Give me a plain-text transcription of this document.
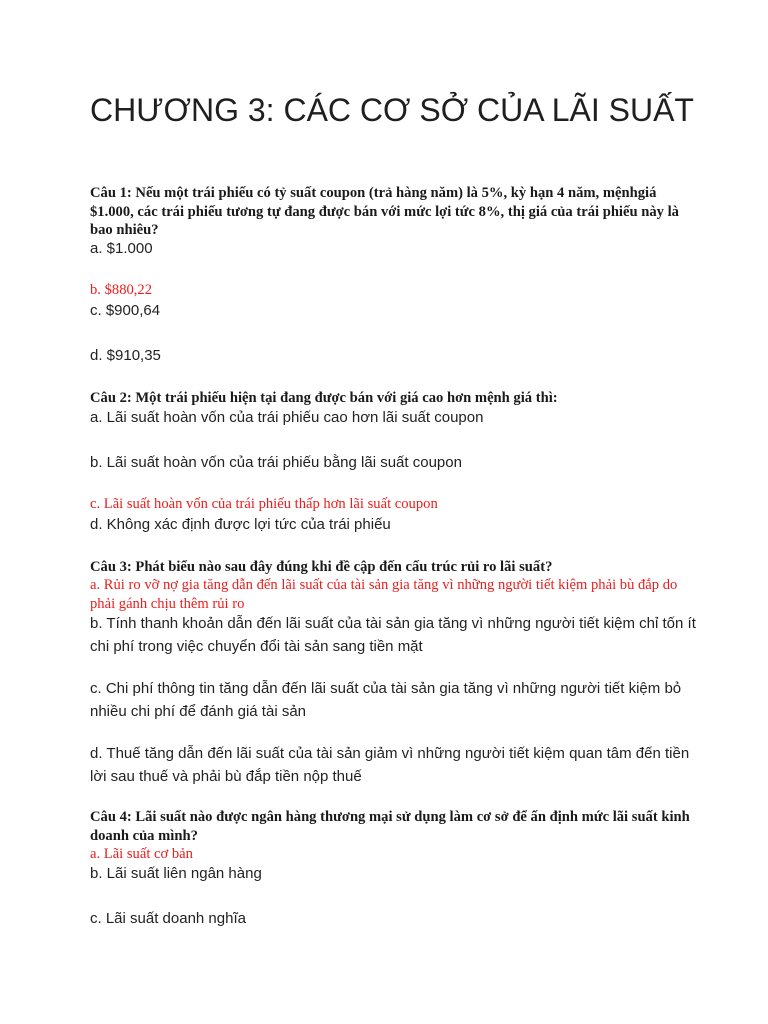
CHƯƠNG 3: CÁC CƠ SỞ CỦA LÃI SUẤT

Câu 1: Nếu một trái phiếu có tỷ suất coupon (trả hàng năm) là 5%, kỳ hạn 4 năm, mệnhgiá $1.000, các trái phiếu tương tự đang được bán với mức lợi tức 8%, thị giá của trái phiếu này là bao nhiêu?

a. $1.000

b. $880,22

c. $900,64

d. $910,35

Câu 2: Một trái phiếu hiện tại đang được bán với giá cao hơn mệnh giá thì:

a. Lãi suất hoàn vốn của trái phiếu cao hơn lãi suất coupon

b. Lãi suất hoàn vốn của trái phiếu bằng lãi suất coupon

c. Lãi suất hoàn vốn của trái phiếu thấp hơn lãi suất coupon

d. Không xác định được lợi tức của trái phiếu

Câu 3: Phát biểu nào sau đây đúng khi đề cập đến cấu trúc rủi ro lãi suất?

a. Rủi ro vỡ nợ gia tăng dẫn đến lãi suất của tài sản gia tăng vì những người tiết kiệm phải bù đắp do phải gánh chịu thêm rủi ro

b. Tính thanh khoản dẫn đến lãi suất của tài sản gia tăng vì những người tiết kiệm chỉ tốn ít chi phí trong việc chuyển đổi tài sản sang tiền mặt

c. Chi phí thông tin tăng dẫn đến lãi suất của tài sản gia tăng vì những người tiết kiệm bỏ nhiều chi phí để đánh giá tài sản

d. Thuế tăng dẫn đến lãi suất của tài sản giảm vì những người tiết kiệm quan tâm đến tiền lời sau thuế và phải bù đắp tiền nộp thuế

Câu 4: Lãi suất nào được ngân hàng thương mại sử dụng làm cơ sở để ấn định mức lãi suất kinh doanh của mình?

a. Lãi suất cơ bản

b. Lãi suất liên ngân hàng

c. Lãi suất doanh nghĩa
